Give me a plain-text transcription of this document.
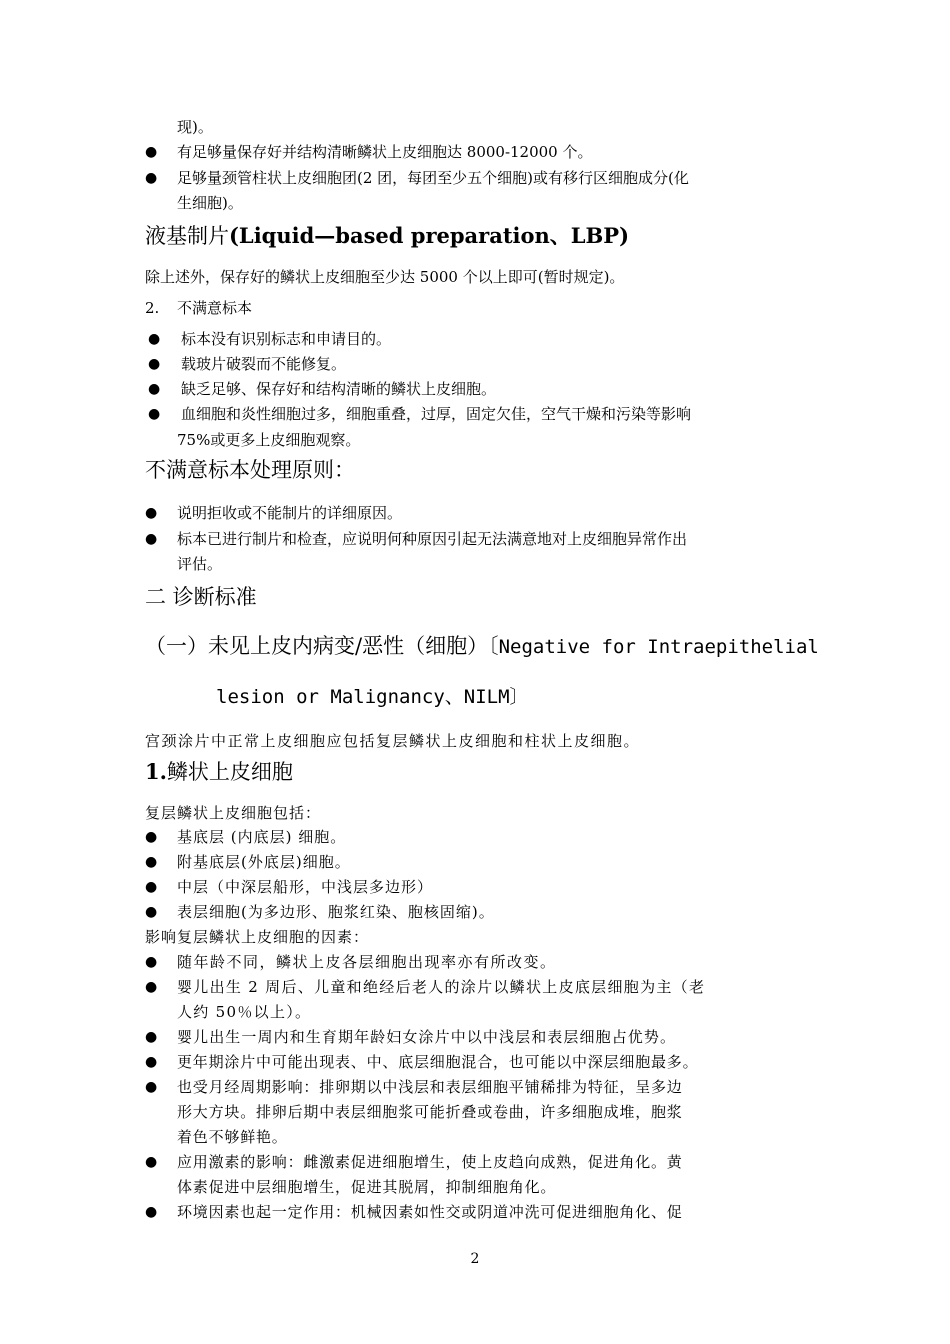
现)。
● 有足够量保存好并结构清晰鳞状上皮细胞达 8000-12000 个。
● 足够量颈管柱状上皮细胞团(2 团，每团至少五个细胞)或有移行区细胞成分(化
生细胞)。
液基制片(Liquid—based preparation、LBP)
除上述外，保存好的鳞状上皮细胞至少达 5000 个以上即可(暂时规定)。
2. 不满意标本
● 标本没有识别标志和申请目的。
● 载玻片破裂而不能修复。
● 缺乏足够、保存好和结构清晰的鳞状上皮细胞。
● 血细胞和炎性细胞过多，细胞重叠，过厚，固定欠佳，空气干燥和污染等影响
75%或更多上皮细胞观察。
不满意标本处理原则：
● 说明拒收或不能制片的详细原因。
● 标本已进行制片和检查，应说明何种原因引起无法满意地对上皮细胞异常作出
评估。
二 诊断标准
（一）未见上皮内病变/恶性（细胞）〔Negative for Intraepithelial
lesion or Malignancy、NILM〕
宫颈涂片中正常上皮细胞应包括复层鳞状上皮细胞和柱状上皮细胞。
1.鳞状上皮细胞
复层鳞状上皮细胞包括：
● 基底层 (内底层) 细胞。
● 附基底层(外底层)细胞。
● 中层（中深层船形，中浅层多边形）
● 表层细胞(为多边形、胞浆红染、胞核固缩)。
影响复层鳞状上皮细胞的因素：
● 随年龄不同，鳞状上皮各层细胞出现率亦有所改变。
● 婴儿出生 2 周后、儿童和绝经后老人的涂片以鳞状上皮底层细胞为主（老
人约 50％以上）。
● 婴儿出生一周内和生育期年龄妇女涂片中以中浅层和表层细胞占优势。
● 更年期涂片中可能出现表、中、底层细胞混合，也可能以中深层细胞最多。
● 也受月经周期影响：排卵期以中浅层和表层细胞平铺稀排为特征，呈多边
形大方块。排卵后期中表层细胞浆可能折叠或卷曲，许多细胞成堆，胞浆
着色不够鲜艳。
● 应用激素的影响：雌激素促进细胞增生，使上皮趋向成熟，促进角化。黄
体素促进中层细胞增生，促进其脱屑，抑制细胞角化。
● 环境因素也起一定作用：机械因素如性交或阴道冲洗可促进细胞角化、促
2
